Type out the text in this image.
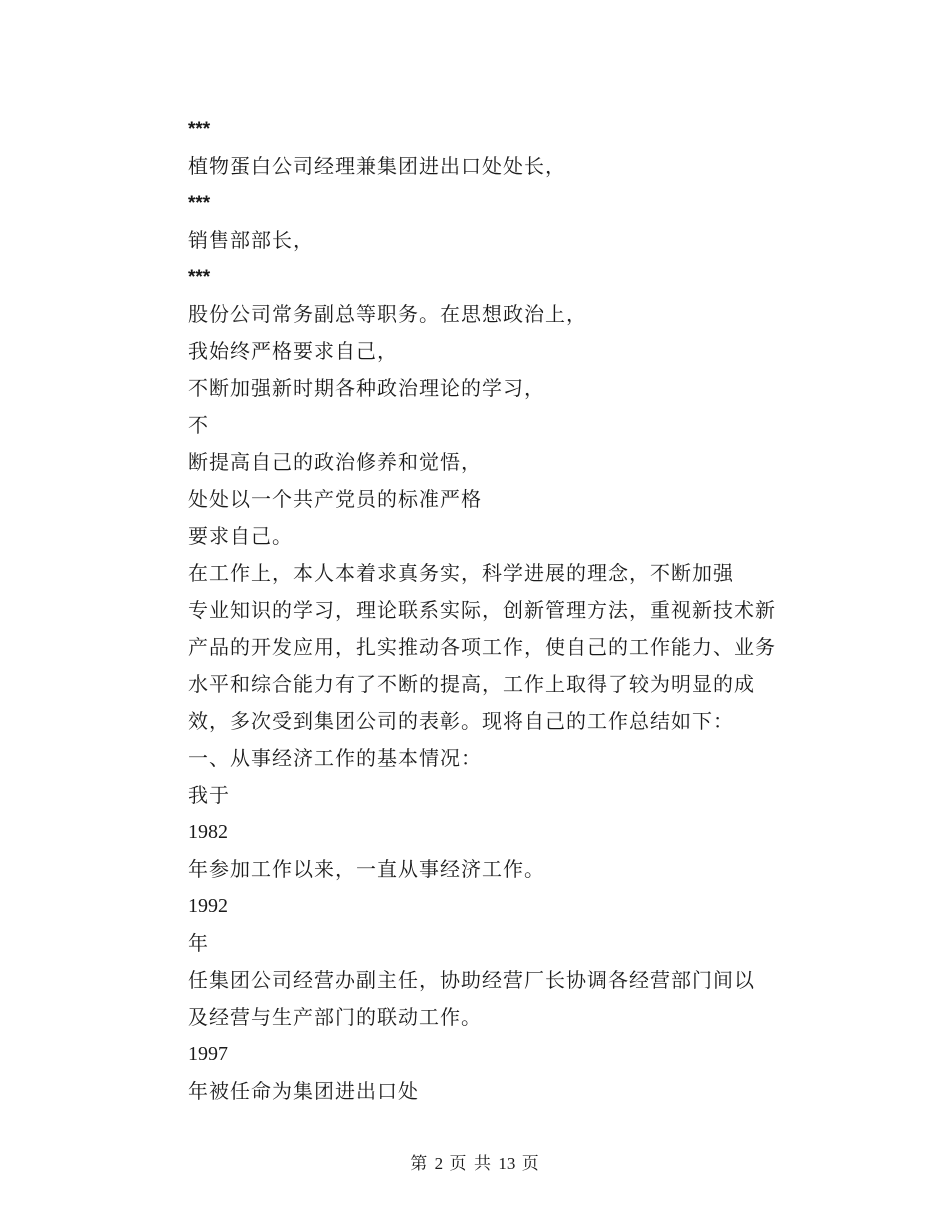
***
植物蛋白公司经理兼集团进出口处处长，
***
销售部部长，
***
股份公司常务副总等职务。在思想政治上，
我始终严格要求自己，
不断加强新时期各种政治理论的学习，
不
断提高自己的政治修养和觉悟，
处处以一个共产党员的标准严格
要求自己。
在工作上，本人本着求真务实，科学进展的理念，不断加强
专业知识的学习，理论联系实际，创新管理方法，重视新技术新
产品的开发应用，扎实推动各项工作，使自己的工作能力、业务
水平和综合能力有了不断的提高，工作上取得了较为明显的成
效，多次受到集团公司的表彰。现将自己的工作总结如下：
一、从事经济工作的基本情况：
我于
1982
年参加工作以来，一直从事经济工作。
1992
年
任集团公司经营办副主任，协助经营厂长协调各经营部门间以
及经营与生产部门的联动工作。
1997
年被任命为集团进出口处
第 2 页 共 13 页
